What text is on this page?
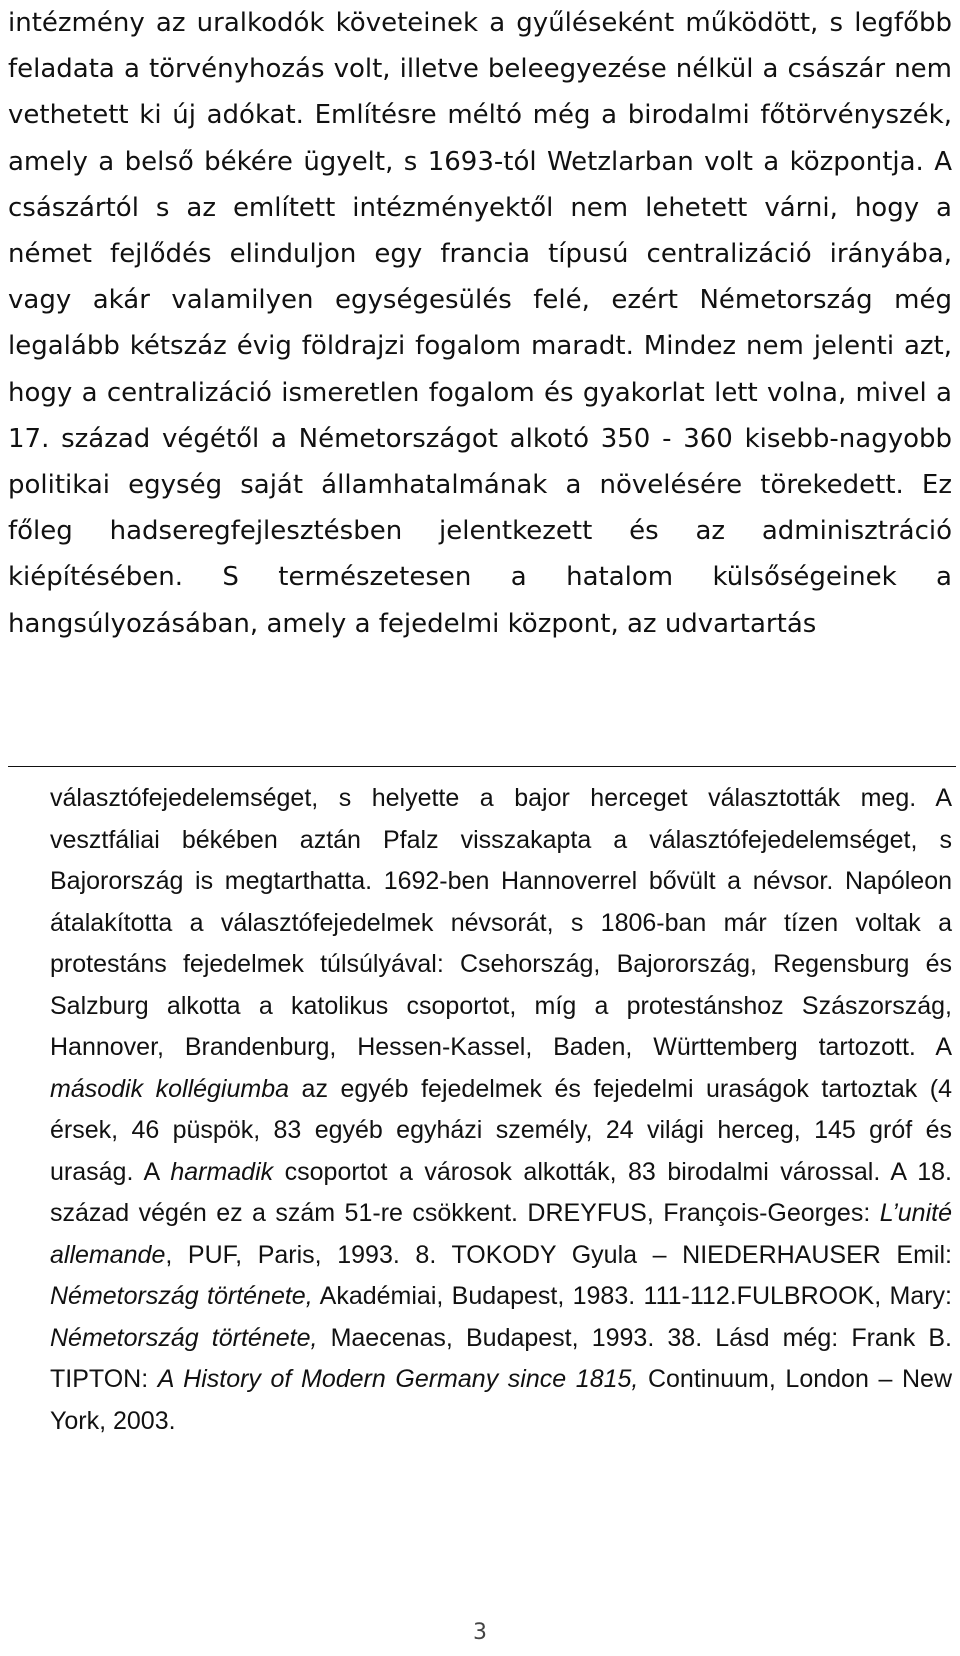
intézmény az uralkodók követeinek a gyűléseként működött, s legfőbb feladata a törvényhozás volt, illetve beleegyezése nélkül a császár nem vethetett ki új adókat. Említésre méltó még a birodalmi főtörvényszék, amely a belső békére ügyelt, s 1693-tól Wetzlarban volt a központja. A császártól s az említett intézményektől nem lehetett várni, hogy a német fejlődés elinduljon egy francia típusú centralizáció irányába, vagy akár valamilyen egységesülés felé, ezért Németország még legalább kétszáz évig földrajzi fogalom maradt. Mindez nem jelenti azt, hogy a centralizáció ismeretlen fogalom és gyakorlat lett volna, mivel a 17. század végétől a Németországot alkotó 350 - 360 kisebb-nagyobb politikai egység saját államhatalmának a növelésére törekedett. Ez főleg hadseregfejlesztésben jelentkezett és az adminisztráció kiépítésében. S természetesen a hatalom külsőségeinek a hangsúlyozásában, amely a fejedelmi központ, az udvartartás
választófejedelemséget, s helyette a bajor herceget választották meg. A vesztfáliai békében aztán Pfalz visszakapta a választófejedelemséget, s Bajorország is megtarthatta. 1692-ben Hannoverrel bővült a névsor. Napóleon átalakította a választófejedelmek névsorát, s 1806-ban már tízen voltak a protestáns fejedelmek túlsúlyával: Csehország, Bajorország, Regensburg és Salzburg alkotta a katolikus csoportot, míg a protestánshoz Szászország, Hannover, Brandenburg, Hessen-Kassel, Baden, Württemberg tartozott. A második kollégiumba az egyéb fejedelmek és fejedelmi uraságok tartoztak (4 érsek, 46 püspök, 83 egyéb egyházi személy, 24 világi herceg, 145 gróf és uraság. A harmadik csoportot a városok alkották, 83 birodalmi várossal. A 18. század végén ez a szám 51-re csökkent. DREYFUS, François-Georges: L’unité allemande, PUF, Paris, 1993. 8. TOKODY Gyula – NIEDERHAUSER Emil: Németország története, Akadémiai, Budapest, 1983. 111-112.FULBROOK, Mary: Németország története, Maecenas, Budapest, 1993. 38. Lásd még: Frank B. TIPTON: A History of Modern Germany since 1815, Continuum, London – New York, 2003.
3
